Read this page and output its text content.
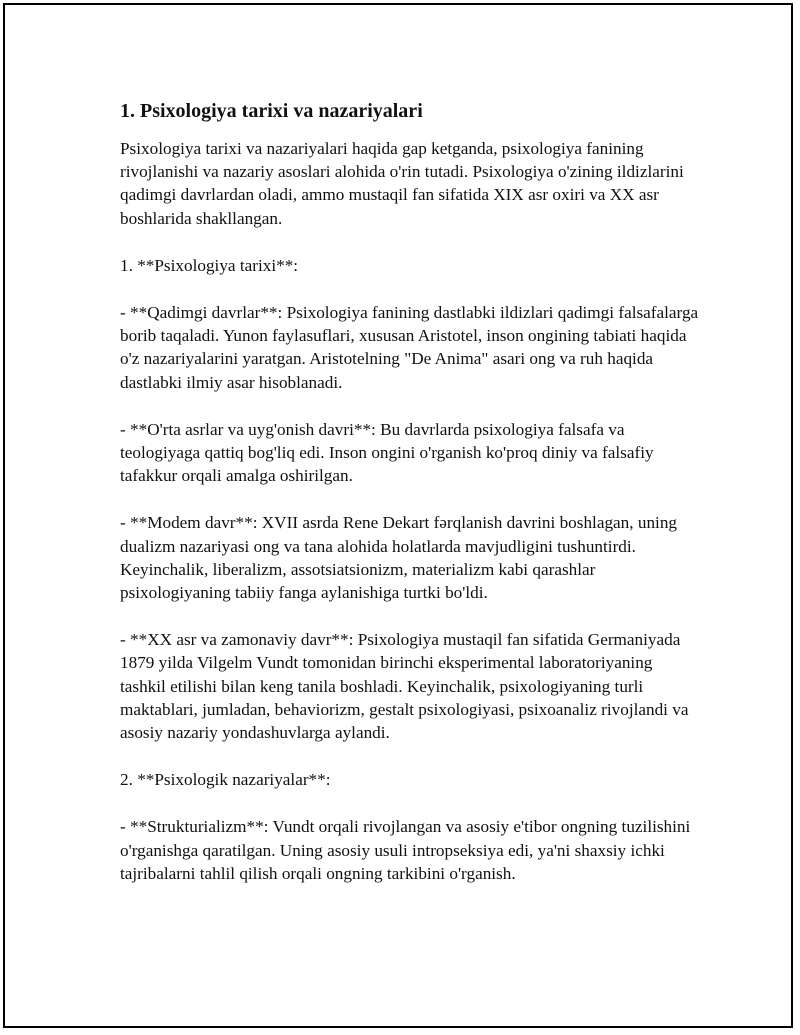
1. Psixologiya tarixi va nazariyalari

Psixologiya tarixi va nazariyalari haqida gap ketganda, psixologiya fanining rivojlanishi va nazariy asoslari alohida o'rin tutadi. Psixologiya o'zining ildizlarini qadimgi davrlardan oladi, ammo mustaqil fan sifatida XIX asr oxiri va XX asr boshlarida shakllangan.

1. **Psixologiya tarixi**:

- **Qadimgi davrlar**: Psixologiya fanining dastlabki ildizlari qadimgi falsafalarga borib taqaladi. Yunon faylasuflari, xususan Aristotel, inson ongining tabiati haqida o'z nazariyalarini yaratgan. Aristotelning "De Anima" asari ong va ruh haqida dastlabki ilmiy asar hisoblanadi.

- **O'rta asrlar va uyg'onish davri**: Bu davrlarda psixologiya falsafa va teologiyaga qattiq bog'liq edi. Inson ongini o'rganish ko'proq diniy va falsafiy tafakkur orqali amalga oshirilgan.

- **Modem davr**: XVII asrda Rene Dekart fərqlanish davrini boshlagan, uning dualizm nazariyasi ong va tana alohida holatlarda mavjudligini tushuntirdi. Keyinchalik, liberalizm, assotsiatsionizm, materializm kabi qarashlar psixologiyaning tabiiy fanga aylanishiga turtki bo'ldi.

- **XX asr va zamonaviy davr**: Psixologiya mustaqil fan sifatida Germaniyada 1879 yilda Vilgelm Vundt tomonidan birinchi eksperimental laboratoriyaning tashkil etilishi bilan keng tanila boshladi. Keyinchalik, psixologiyaning turli maktablari, jumladan, behaviorizm, gestalt psixologiyasi, psixoanaliz rivojlandi va asosiy nazariy yondashuvlarga aylandi.

2. **Psixologik nazariyalar**:

- **Strukturializm**: Vundt orqali rivojlangan va asosiy e'tibor ongning tuzilishini o'rganishga qaratilgan. Uning asosiy usuli intropseksiya edi, ya'ni shaxsiy ichki tajribalarni tahlil qilish orqali ongning tarkibini o'rganish.
